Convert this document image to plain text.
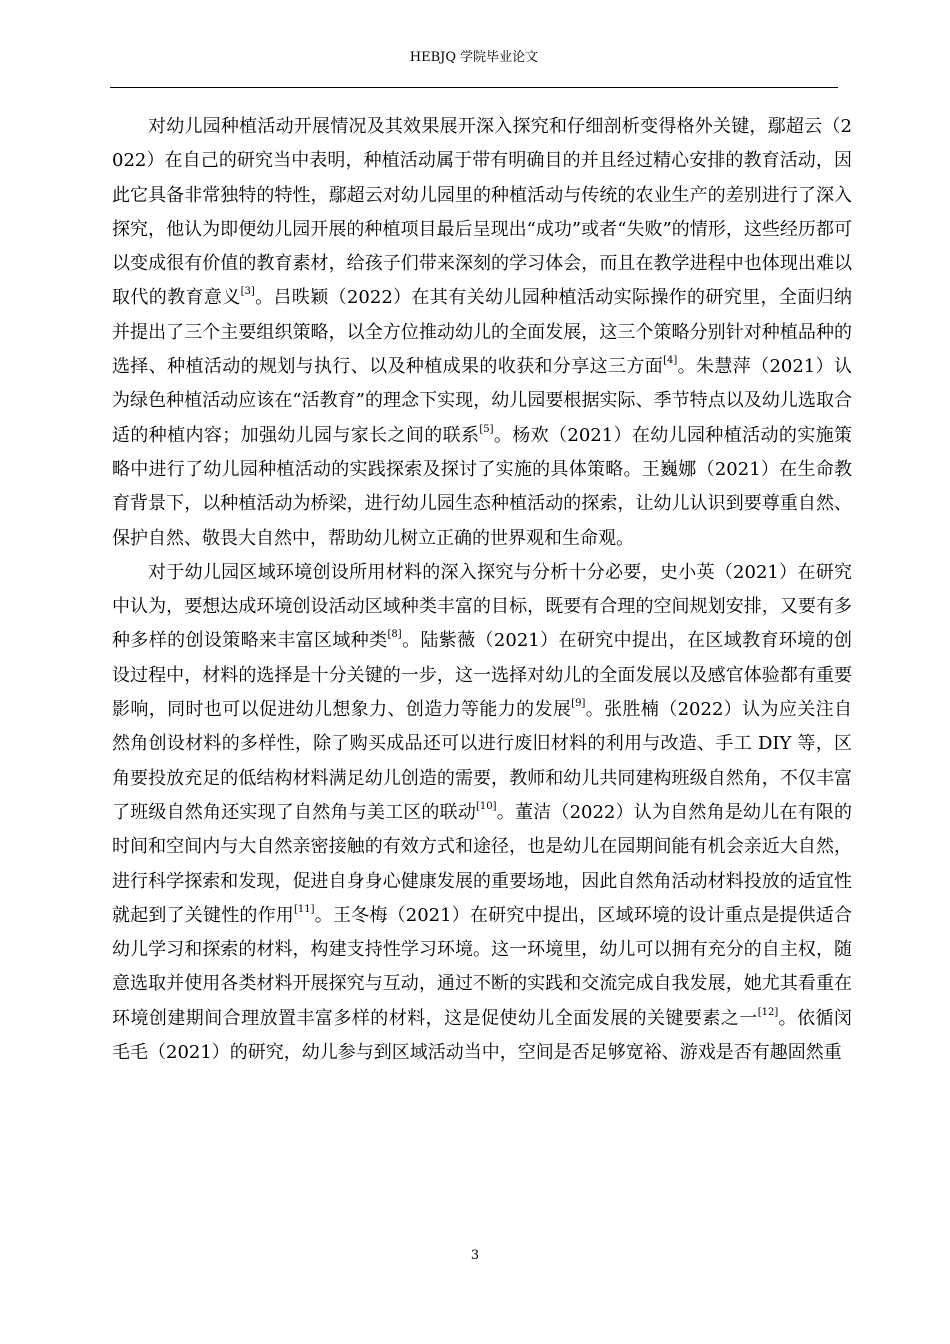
HEBJQ 学院毕业论文

对幼儿园种植活动开展情况及其效果展开深入探究和仔细剖析变得格外关键，鄢超云（2022）在自己的研究当中表明，种植活动属于带有明确目的并且经过精心安排的教育活动，因此它具备非常独特的特性，鄢超云对幼儿园里的种植活动与传统的农业生产的差别进行了深入探究，他认为即便幼儿园开展的种植项目最后呈现出“成功”或者“失败”的情形，这些经历都可以变成很有价值的教育素材，给孩子们带来深刻的学习体会，而且在教学进程中也体现出难以取代的教育意义[3]。吕昳颖（2022）在其有关幼儿园种植活动实际操作的研究里，全面归纳并提出了三个主要组织策略，以全方位推动幼儿的全面发展，这三个策略分别针对种植品种的选择、种植活动的规划与执行、以及种植成果的收获和分享这三方面[4]。朱慧萍（2021）认为绿色种植活动应该在“活教育”的理念下实现，幼儿园要根据实际、季节特点以及幼儿选取合适的种植内容；加强幼儿园与家长之间的联系[5]。杨欢（2021）在幼儿园种植活动的实施策略中进行了幼儿园种植活动的实践探索及探讨了实施的具体策略。王巍娜（2021）在生命教育背景下，以种植活动为桥梁，进行幼儿园生态种植活动的探索，让幼儿认识到要尊重自然、保护自然、敬畏大自然中，帮助幼儿树立正确的世界观和生命观。

对于幼儿园区域环境创设所用材料的深入探究与分析十分必要，史小英（2021）在研究中认为，要想达成环境创设活动区域种类丰富的目标，既要有合理的空间规划安排，又要有多种多样的创设策略来丰富区域种类[8]。陆紫薇（2021）在研究中提出，在区域教育环境的创设过程中，材料的选择是十分关键的一步，这一选择对幼儿的全面发展以及感官体验都有重要影响，同时也可以促进幼儿想象力、创造力等能力的发展[9]。张胜楠（2022）认为应关注自然角创设材料的多样性，除了购买成品还可以进行废旧材料的利用与改造、手工 DIY 等，区角要投放充足的低结构材料满足幼儿创造的需要，教师和幼儿共同建构班级自然角，不仅丰富了班级自然角还实现了自然角与美工区的联动[10]。董洁（2022）认为自然角是幼儿在有限的时间和空间内与大自然亲密接触的有效方式和途径，也是幼儿在园期间能有机会亲近大自然，进行科学探索和发现，促进自身身心健康发展的重要场地，因此自然角活动材料投放的适宜性就起到了关键性的作用[11]。王冬梅（2021）在研究中提出，区域环境的设计重点是提供适合幼儿学习和探索的材料，构建支持性学习环境。这一环境里，幼儿可以拥有充分的自主权，随意选取并使用各类材料开展探究与互动，通过不断的实践和交流完成自我发展，她尤其看重在环境创建期间合理放置丰富多样的材料，这是促使幼儿全面发展的关键要素之一[12]。依循闵毛毛（2021）的研究，幼儿参与到区域活动当中，空间是否足够宽裕、游戏是否有趣固然重

3
